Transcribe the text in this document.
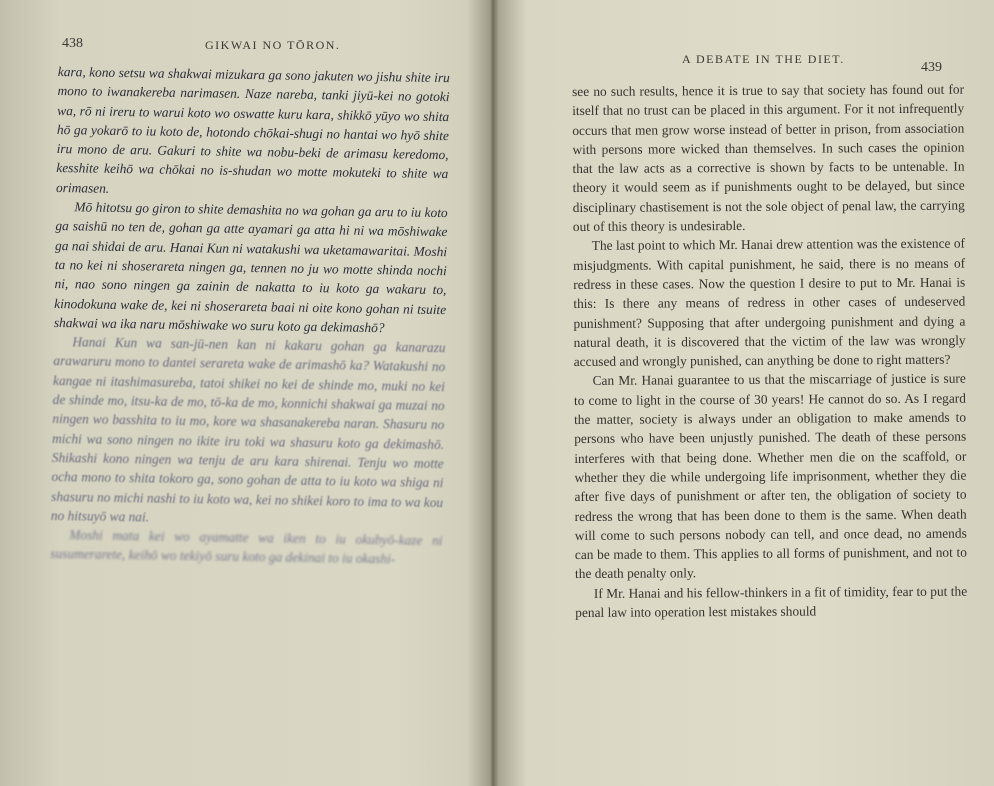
438	GIKWAI NO TŌRON.

kara, kono setsu wa shakwai mizukara ga sono jakuten wo jishu shite iru mono to iwanakereba narimasen. Naze nareba, tanki jiyū-kei no gotoki wa, rō ni ireru to warui koto wo oswatte kuru kara, shikkō yūyo wo shita hō ga yokarō to iu koto de, hotondo chōkai-shugi no hantai wo hyō shite iru mono de aru. Gakuri to shite wa nobu-beki de arimasu keredomo, kesshite keihō wa chōkai no is-shudan wo motte mokuteki to shite wa orimasen.

Mō hitotsu go giron to shite demashita no wa gohan ga aru to iu koto ga saishū no ten de, gohan ga atte ayamari ga atta hi ni wa mōshiwake ga nai shidai de aru. Hanai Kun ni watakushi wa uketamawaritai. Moshi ta no kei ni shoserareta ningen ga, tennen no ju wo motte shinda nochi ni, nao sono ningen ga zainin de nakatta to iu koto ga wakaru to, kinodokuna wake de, kei ni shoserareta baai ni oite kono gohan ni tsuite shakwai wa ika naru mōshiwake wo suru koto ga dekimashō?

Hanai Kun wa san-jū-nen kan ni kakaru gohan ga kanarazu arawaruru mono to dantei serareta wake de arimashō ka? Watakushi no kangae ni itashimasureba, tatoi shikei no kei de shinde mo, muki no kei de shinde mo, itsu-ka de mo, tō-ka de mo, konnichi shakwai ga muzai no ningen wo basshita to iu mo, kore wa shasanakereba naran. Shasuru no michi wa sono ningen no ikite iru toki wa shasuru koto ga dekimashō. Shikashi kono ningen wa tenju de aru kara shirenai. Tenju wo motte ocha mono to shita tokoro ga, sono gohan de atta to iu koto wa shiga ni shasuru no michi nashi to iu koto wa, kei no shikei koro to ima to wa kou no hitsuyō wa nai.

Moshi mata kei wo ayamatte wa iken to iu okubyō-kaze ni susumerarete, keihō wo tekiyō suru koto ga dekinai to iu okashi-

A DEBATE IN THE DIET.
439

see no such results, hence it is true to say that society has found out for itself that no trust can be placed in this argument. For it not infrequently occurs that men grow worse instead of better in prison, from association with persons more wicked than themselves. In such cases the opinion that the law acts as a corrective is shown by facts to be untenable. In theory it would seem as if punishments ought to be delayed, but since disciplinary chastisement is not the sole object of penal law, the carrying out of this theory is undesirable.

The last point to which Mr. Hanai drew attention was the existence of misjudgments. With capital punishment, he said, there is no means of redress in these cases. Now the question I desire to put to Mr. Hanai is this: Is there any means of redress in other cases of undeserved punishment? Supposing that after undergoing punishment and dying a natural death, it is discovered that the victim of the law was wrongly accused and wrongly punished, can anything be done to right matters?

Can Mr. Hanai guarantee to us that the miscarriage of justice is sure to come to light in the course of 30 years! He cannot do so. As I regard the matter, society is always under an obligation to make amends to persons who have been unjustly punished. The death of these persons interferes with that being done. Whether men die on the scaffold, or whether they die while undergoing life imprisonment, whether they die after five days of punishment or after ten, the obligation of society to redress the wrong that has been done to them is the same. When death will come to such persons nobody can tell, and once dead, no amends can be made to them. This applies to all forms of punishment, and not to the death penalty only.

If Mr. Hanai and his fellow-thinkers in a fit of timidity, fear to put the penal law into operation lest mistakes should
